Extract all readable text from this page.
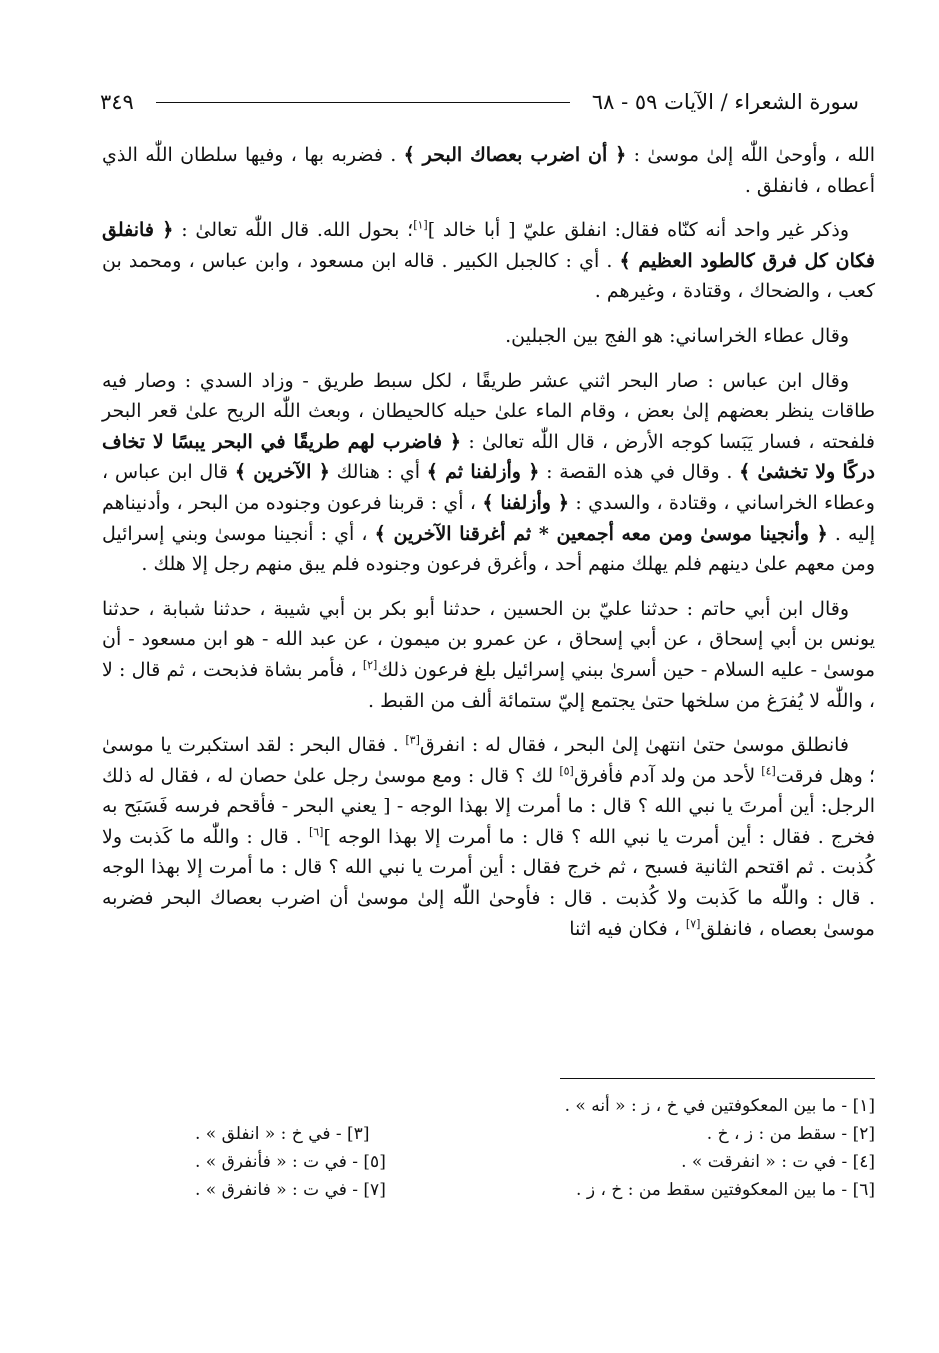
سورة الشعراء / الآيات ٥٩ - ٦٨
٣٤٩

الله ، وأوحىٰ اللّٰه إلىٰ موسىٰ : ﴿ أن اضرب بعصاك البحر ﴾ . فضربه بها ، وفيها سلطان اللّٰه الذي أعطاه ، فانفلق .

وذكر غير واحد أنه كنّاه فقال: انفلق عليّ [ أبا خالد ][١]؛ بحول الله. قال اللّٰه تعالىٰ : ﴿ فانفلق فكان كل فرق كالطود العظيم ﴾ . أي : كالجبل الكبير . قاله ابن مسعود ، وابن عباس ، ومحمد بن كعب ، والضحاك ، وقتادة ، وغيرهم .

وقال عطاء الخراساني: هو الفج بين الجبلين.

وقال ابن عباس : صار البحر اثني عشر طريقًا ، لكل سبط طريق - وزاد السدي : وصار فيه طاقات ينظر بعضهم إلىٰ بعض ، وقام الماء علىٰ حيله كالحيطان ، وبعث اللّٰه الريح علىٰ قعر البحر فلفحته ، فسار يَبَسا كوجه الأرض ، قال اللّٰه تعالىٰ : ﴿ فاضرب لهم طريقًا في البحر يبسًا لا تخاف دركًا ولا تخشىٰ ﴾ . وقال في هذه القصة : ﴿ وأزلفنا ثم ﴾ أي : هنالك ﴿ الآخرين ﴾ قال ابن عباس ، وعطاء الخراساني ، وقتادة ، والسدي : ﴿ وأزلفنا ﴾ ، أي : قربنا فرعون وجنوده من البحر ، وأدنيناهم إليه . ﴿ وأنجينا موسىٰ ومن معه أجمعين * ثم أغرقنا الآخرين ﴾ ، أي : أنجينا موسىٰ وبني إسرائيل ومن معهم علىٰ دينهم فلم يهلك منهم أحد ، وأغرق فرعون وجنوده فلم يبق منهم رجل إلا هلك .

وقال ابن أبي حاتم : حدثنا عليّ بن الحسين ، حدثنا أبو بكر بن أبي شيبة ، حدثنا شبابة ، حدثنا يونس بن أبي إسحاق ، عن أبي إسحاق ، عن عمرو بن ميمون ، عن عبد الله - هو ابن مسعود - أن موسىٰ - عليه السلام - حين أسرىٰ ببني إسرائيل بلغ فرعون ذلك[٢] ، فأمر بشاة فذبحت ، ثم قال : لا ، واللّٰه لا يُفرَغ من سلخها حتىٰ يجتمع إليّ ستمائة ألف من القبط .

فانطلق موسىٰ حتىٰ انتهىٰ إلىٰ البحر ، فقال له : انفرق[٣] . فقال البحر : لقد استكبرت يا موسىٰ ؛ وهل فرقت[٤] لأحد من ولد آدم فأفرق[٥] لك ؟ قال : ومع موسىٰ رجل علىٰ حصان له ، فقال له ذلك الرجل: أين أمرتَ يا نبي الله ؟ قال : ما أمرت إلا بهذا الوجه - [ يعني البحر - فأقحم فرسه فَسَبَح به فخرج . فقال : أين أمرت يا نبي الله ؟ قال : ما أمرت إلا بهذا الوجه ][٦] . قال : واللّٰه ما كَذبت ولا كُذبت . ثم اقتحم الثانية فسبح ، ثم خرج فقال : أين أمرت يا نبي الله ؟ قال : ما أمرت إلا بهذا الوجه . قال : واللّٰه ما كَذبت ولا كُذبت . قال : فأوحىٰ اللّٰه إلىٰ موسىٰ أن اضرب بعصاك البحر فضربه موسىٰ بعصاه ، فانفلق[٧] ، فكان فيه اثنا

[١] - ما بين المعكوفتين في خ ، ز : « أنه » .
[٢] - سقط من : ز ، خ .
[٣] - في خ : « انفلق » .
[٤] - في ت : « انفرقت » .
[٥] - في ت : « فأنفرق » .
[٦] - ما بين المعكوفتين سقط من : خ ، ز .
[٧] - في ت : « فانفرق » .
